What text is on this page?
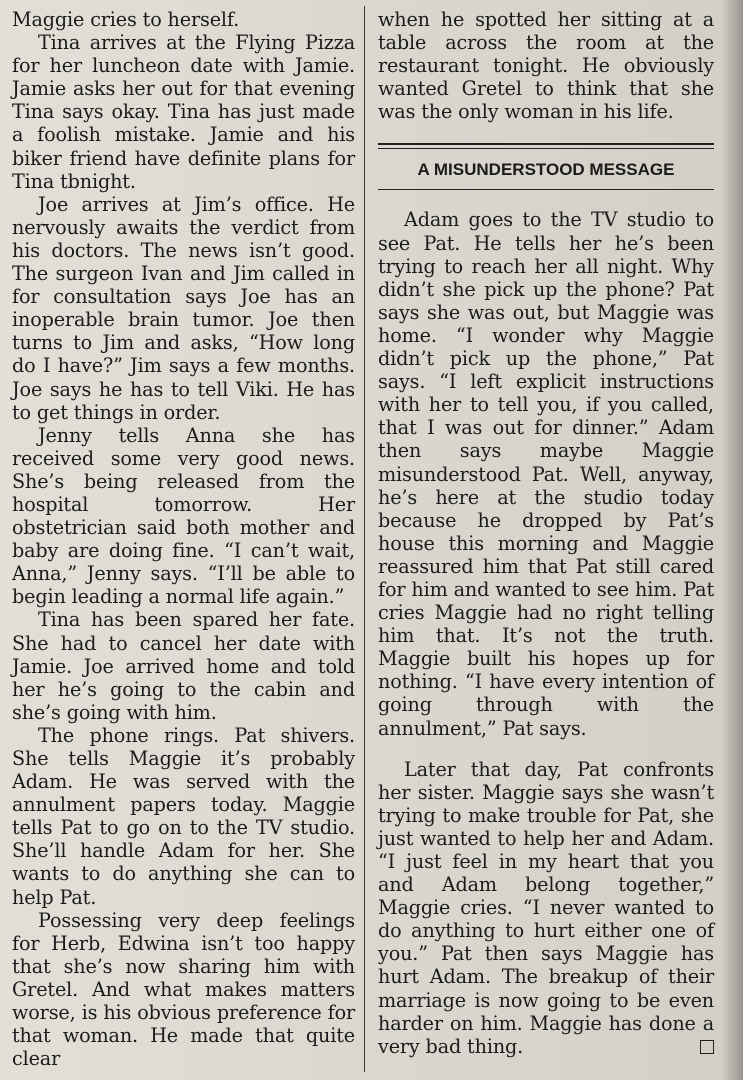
Maggie cries to herself.

Tina arrives at the Flying Pizza for her luncheon date with Jamie. Jamie asks her out for that evening Tina says okay. Tina has just made a foolish mistake. Jamie and his biker friend have definite plans for Tina tbnight.

Joe arrives at Jim’s office. He nervously awaits the verdict from his doctors. The news isn’t good. The surgeon Ivan and Jim called in for consultation says Joe has an inoperable brain tumor. Joe then turns to Jim and asks, “How long do I have?” Jim says a few months. Joe says he has to tell Viki. He has to get things in order.

Jenny tells Anna she has received some very good news. She’s being released from the hospital tomorrow. Her obstetrician said both mother and baby are doing fine. “I can’t wait, Anna,” Jenny says. “I’ll be able to begin leading a normal life again.”

Tina has been spared her fate. She had to cancel her date with Jamie. Joe arrived home and told her he’s going to the cabin and she’s going with him.

The phone rings. Pat shivers. She tells Maggie it’s probably Adam. He was served with the annulment papers today. Maggie tells Pat to go on to the TV studio. She’ll handle Adam for her. She wants to do anything she can to help Pat.

Possessing very deep feelings for Herb, Edwina isn’t too happy that she’s now sharing him with Gretel. And what makes matters worse, is his obvious preference for that woman. He made that quite clear

when he spotted her sitting at a table across the room at the restaurant tonight. He obviously wanted Gretel to think that she was the only woman in his life.

A MISUNDERSTOOD MESSAGE

Adam goes to the TV studio to see Pat. He tells her he’s been trying to reach her all night. Why didn’t she pick up the phone? Pat says she was out, but Maggie was home. “I wonder why Maggie didn’t pick up the phone,” Pat says. “I left explicit instructions with her to tell you, if you called, that I was out for dinner.” Adam then says maybe Maggie misunderstood Pat. Well, anyway, he’s here at the studio today because he dropped by Pat’s house this morning and Maggie reassured him that Pat still cared for him and wanted to see him. Pat cries Maggie had no right telling him that. It’s not the truth. Maggie built his hopes up for nothing. “I have every intention of going through with the annulment,” Pat says.

Later that day, Pat confronts her sister. Maggie says she wasn’t trying to make trouble for Pat, she just wanted to help her and Adam. “I just feel in my heart that you and Adam belong together,” Maggie cries. “I never wanted to do anything to hurt either one of you.” Pat then says Maggie has hurt Adam. The breakup of their marriage is now going to be even harder on him. Maggie has done a very bad thing.
